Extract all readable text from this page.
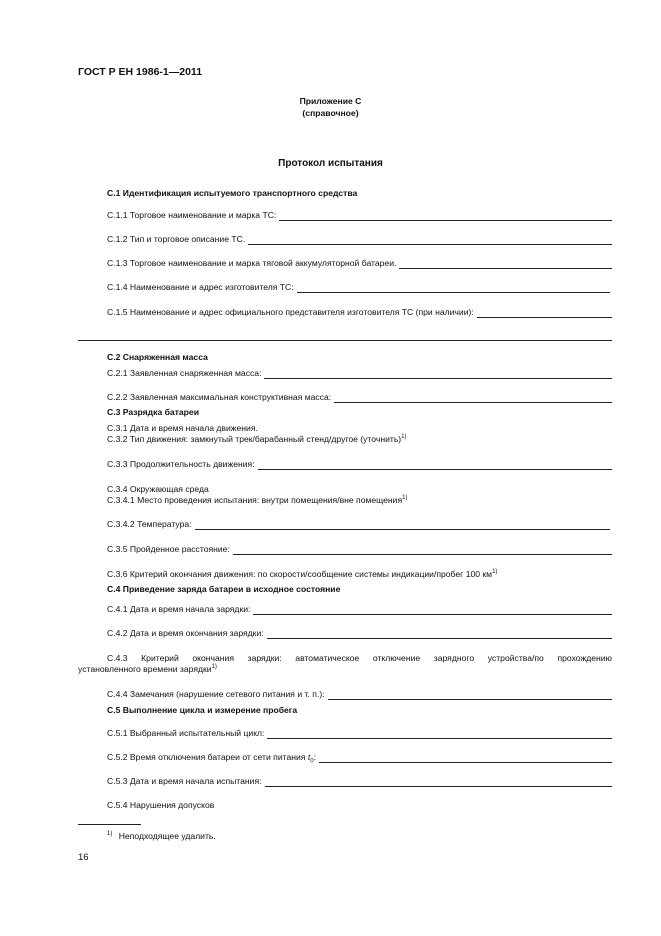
ГОСТ Р ЕН 1986-1—2011
Приложение С
(справочное)
Протокол испытания
С.1 Идентификация испытуемого транспортного средства
С.1.1 Торговое наименование и марка ТС:
С.1.2 Тип и торговое описание ТС.
С.1.3 Торговое наименование и марка тяговой аккумуляторной батареи.
С.1.4 Наименование и адрес изготовителя ТС:
С.1.5 Наименование и адрес официального представителя изготовителя ТС (при наличии):
С.2 Снаряженная масса
С.2.1 Заявленная снаряженная масса:
С.2.2 Заявленная максимальная конструктивная масса:
С.3 Разрядка батареи
С.3.1 Дата и время начала движения.
С.3.2 Тип движения: замкнутый трек/барабанный стенд/другое (уточнить)$^{1)}$
С.3.3 Продолжительность движения:
С.3.4 Окружающая среда
С.3.4.1 Место проведения испытания: внутри помещения/вне помещения$^{1)}$
С.3.4.2 Температура:
С.3.5 Пройденное расстояние:
С.3.6 Критерий окончания движения: по скорости/сообщение системы индикации/пробег 100 $км^{1)}$
С.4 Приведение заряда батареи в исходное состояние
С.4.1 Дата и время начала зарядки:
С.4.2 Дата и время окончания зарядки:
С.4.3 Критерий окончания зарядки: автоматическое отключение зарядного устройства/по прохождению
установленного времени зарядки$^{1)}$
С.4.4 Замечания (нарушение сетевого питания и т. п.):
С.5 Выполнение цикла и измерение пробега
С.5.1 Выбранный испытательный цикл:
С.5.2 Время отключения батареи от сети питания $t_0$:
С.5.3 Дата и время начала испытания:
С.5.4 Нарушения допусков
$^{1)}$ Неподходящее удалить.
16
